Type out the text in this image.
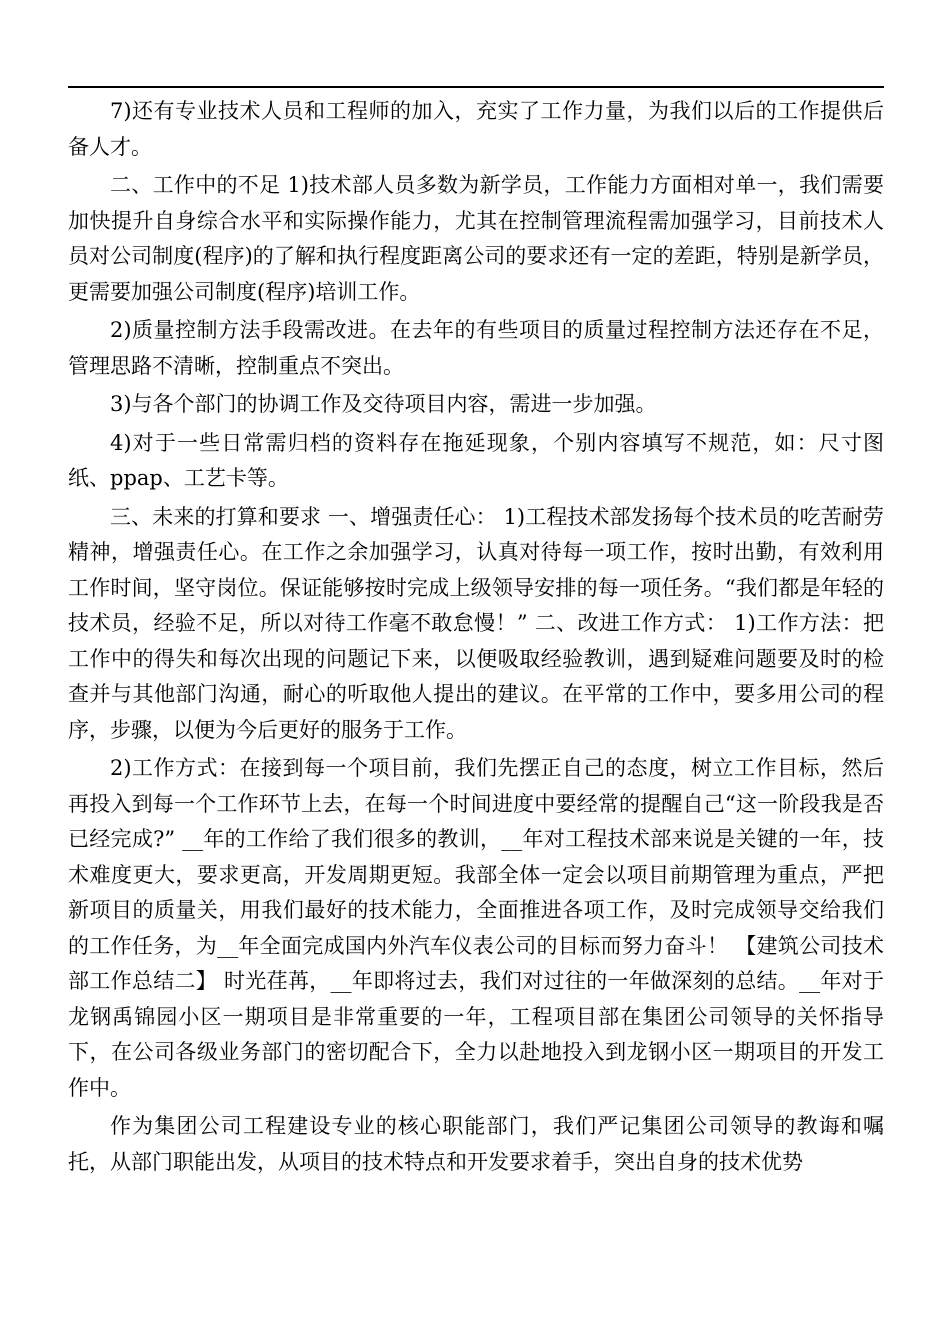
7)还有专业技术人员和工程师的加入，充实了工作力量，为我们以后的工作提供后备人才。

二、工作中的不足 1)技术部人员多数为新学员，工作能力方面相对单一，我们需要加快提升自身综合水平和实际操作能力，尤其在控制管理流程需加强学习，目前技术人员对公司制度(程序)的了解和执行程度距离公司的要求还有一定的差距，特别是新学员，更需要加强公司制度(程序)培训工作。

2)质量控制方法手段需改进。在去年的有些项目的质量过程控制方法还存在不足，管理思路不清晰，控制重点不突出。

3)与各个部门的协调工作及交待项目内容，需进一步加强。

4)对于一些日常需归档的资料存在拖延现象，个别内容填写不规范，如：尺寸图纸、ppap、工艺卡等。

三、未来的打算和要求 一、增强责任心： 1)工程技术部发扬每个技术员的吃苦耐劳精神，增强责任心。在工作之余加强学习，认真对待每一项工作，按时出勤，有效利用工作时间，坚守岗位。保证能够按时完成上级领导安排的每一项任务。“我们都是年轻的技术员，经验不足，所以对待工作毫不敢怠慢！” 二、改进工作方式： 1)工作方法：把工作中的得失和每次出现的问题记下来，以便吸取经验教训，遇到疑难问题要及时的检查并与其他部门沟通，耐心的听取他人提出的建议。在平常的工作中，要多用公司的程序，步骤，以便为今后更好的服务于工作。

2)工作方式：在接到每一个项目前，我们先摆正自己的态度，树立工作目标，然后再投入到每一个工作环节上去，在每一个时间进度中要经常的提醒自己“这一阶段我是否已经完成?” __年的工作给了我们很多的教训，__年对工程技术部来说是关键的一年，技术难度更大，要求更高，开发周期更短。我部全体一定会以项目前期管理为重点，严把新项目的质量关，用我们最好的技术能力，全面推进各项工作，及时完成领导交给我们的工作任务，为__年全面完成国内外汽车仪表公司的目标而努力奋斗！ 【建筑公司技术部工作总结二】 时光荏苒，__年即将过去，我们对过往的一年做深刻的总结。__年对于龙钢禹锦园小区一期项目是非常重要的一年，工程项目部在集团公司领导的关怀指导下，在公司各级业务部门的密切配合下，全力以赴地投入到龙钢小区一期项目的开发工作中。

作为集团公司工程建设专业的核心职能部门，我们严记集团公司领导的教诲和嘱托，从部门职能出发，从项目的技术特点和开发要求着手，突出自身的技术优势
